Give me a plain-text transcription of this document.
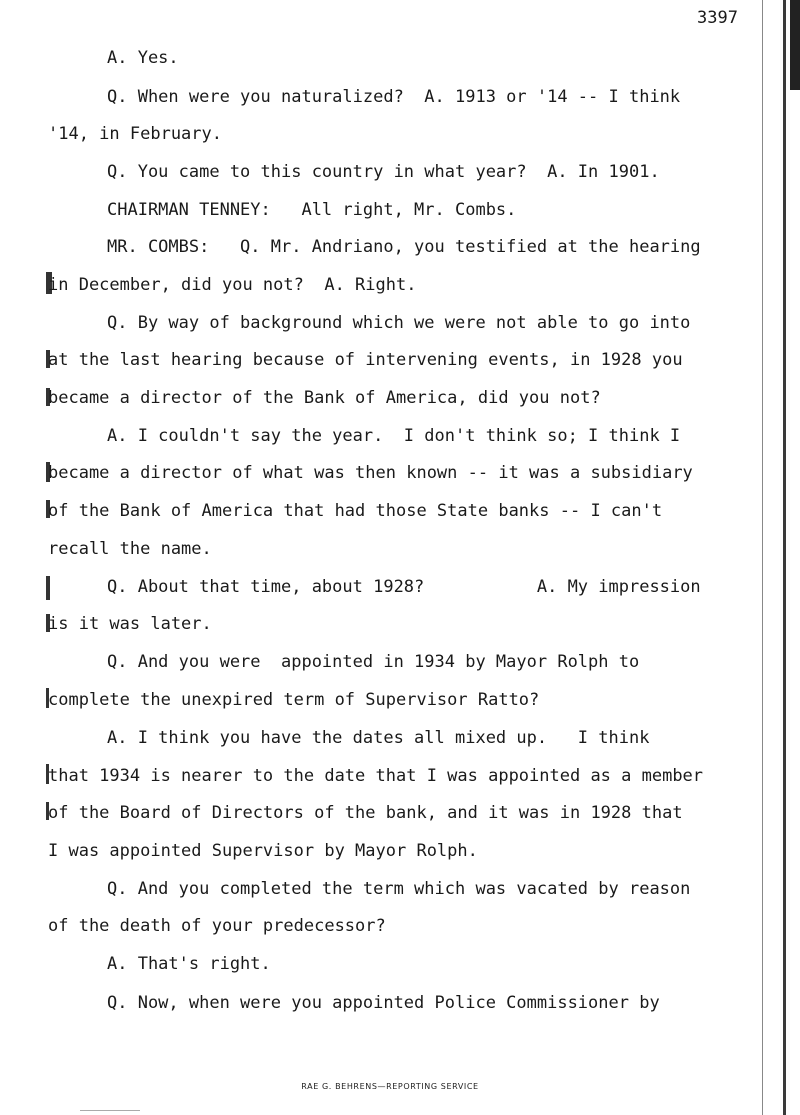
3397
A. Yes.
Q. When were you naturalized?  A. 1913 or '14 -- I think
'14, in February.
Q. You came to this country in what year?  A. In 1901.
CHAIRMAN TENNEY:   All right, Mr. Combs.
MR. COMBS:   Q. Mr. Andriano, you testified at the hearing
in December, did you not?  A. Right.
Q. By way of background which we were not able to go into
at the last hearing because of intervening events, in 1928 you
became a director of the Bank of America, did you not?
A. I couldn't say the year.  I don't think so; I think I
became a director of what was then known -- it was a subsidiary
of the Bank of America that had those State banks -- I can't
recall the name.
Q. About that time, about 1928?           A. My impression
is it was later.
Q. And you were  appointed in 1934 by Mayor Rolph to
complete the unexpired term of Supervisor Ratto?
A. I think you have the dates all mixed up.   I think
that 1934 is nearer to the date that I was appointed as a member
of the Board of Directors of the bank, and it was in 1928 that
I was appointed Supervisor by Mayor Rolph.
Q. And you completed the term which was vacated by reason
of the death of your predecessor?
A. That's right.
Q. Now, when were you appointed Police Commissioner by
RAE G. BEHRENS—REPORTING SERVICE
